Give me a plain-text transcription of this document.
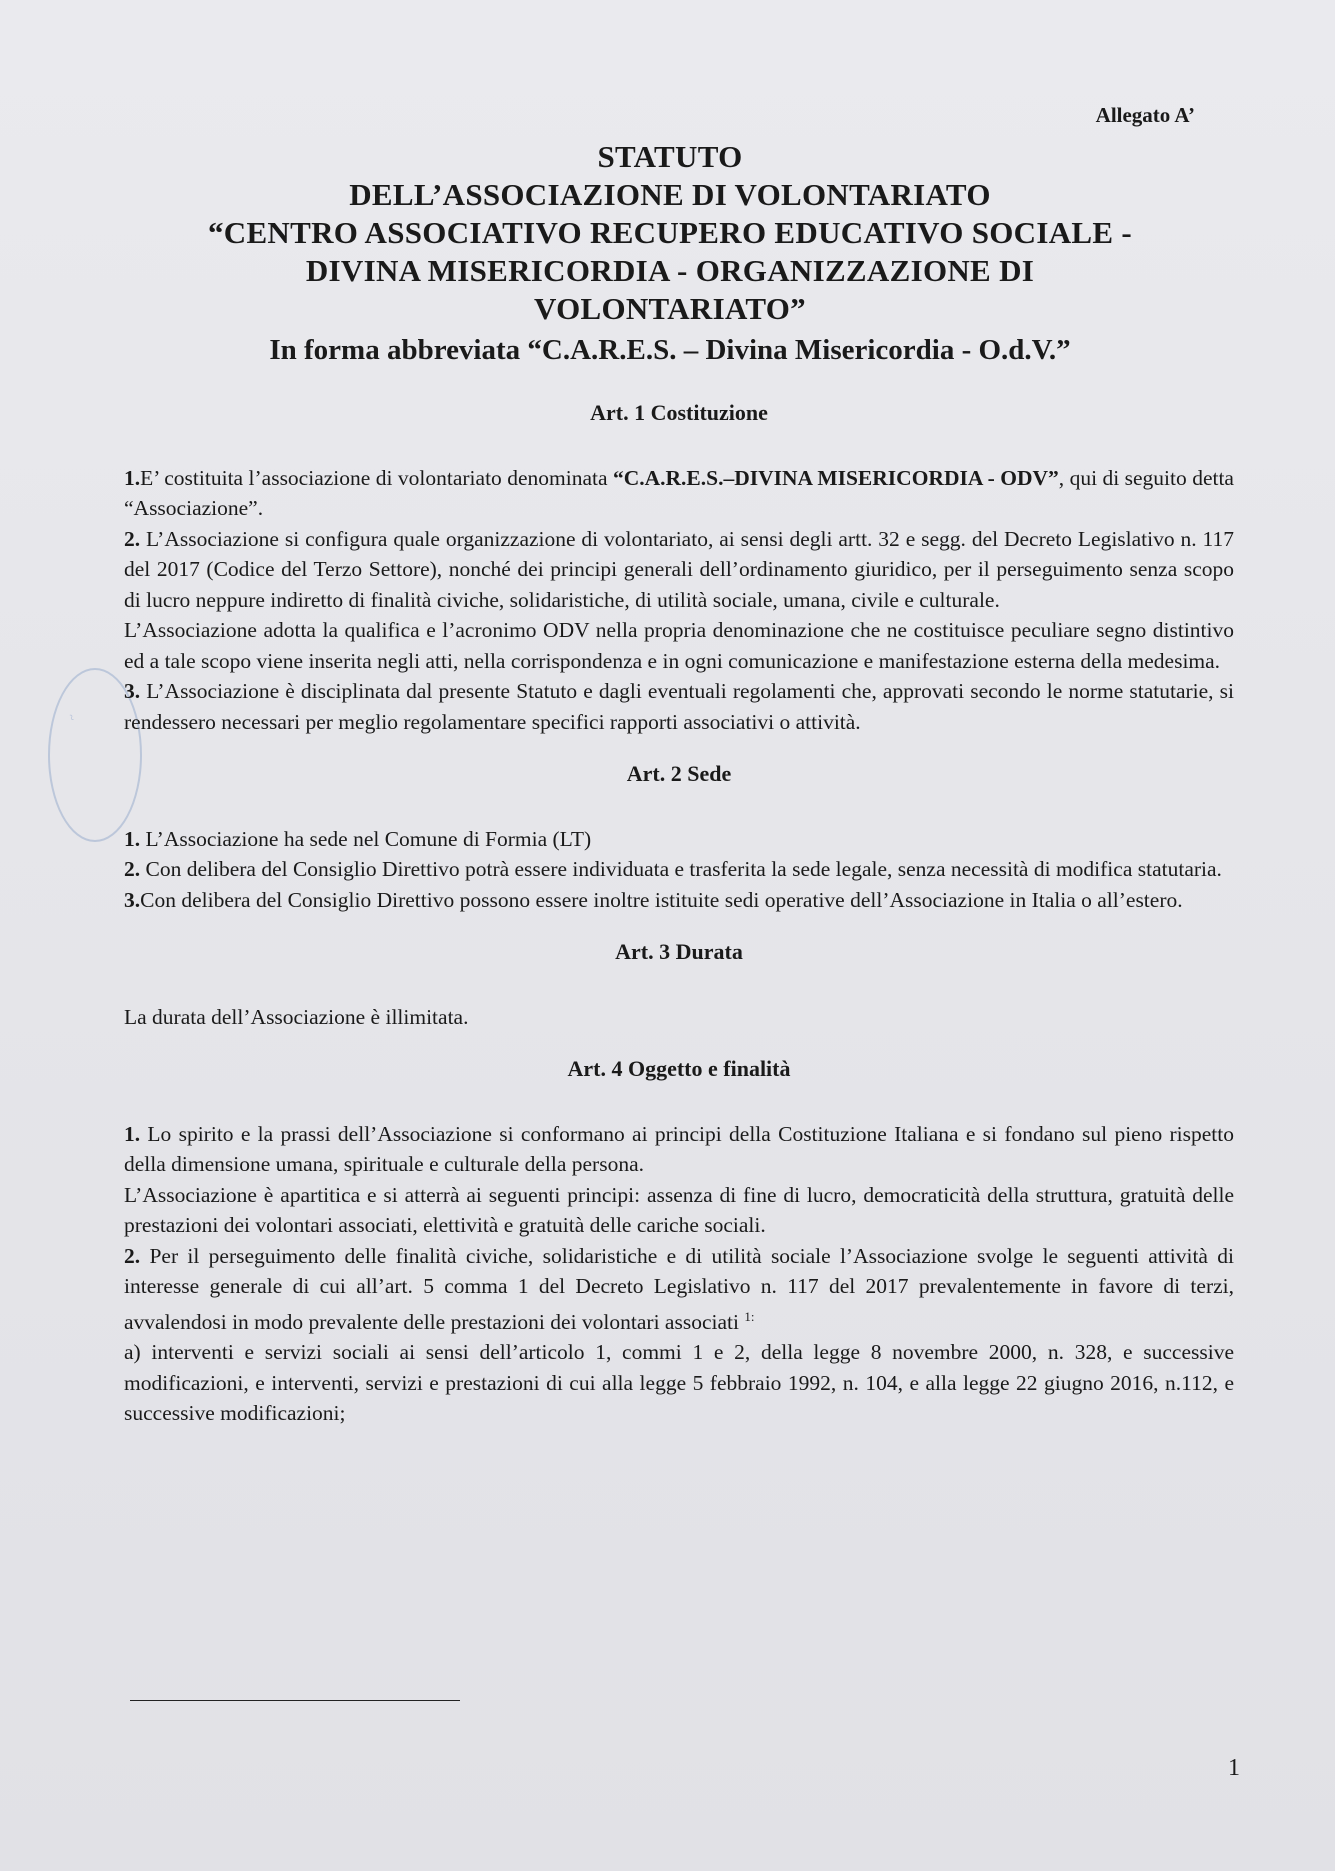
~
Allegato A’
STATUTO
DELL’ASSOCIAZIONE DI VOLONTARIATO
“CENTRO ASSOCIATIVO RECUPERO EDUCATIVO SOCIALE -
DIVINA MISERICORDIA - ORGANIZZAZIONE DI
VOLONTARIATO”
In forma abbreviata “C.A.R.E.S. – Divina Misericordia - O.d.V.”
Art. 1 Costituzione

1.E’ costituita l’associazione di volontariato denominata “C.A.R.E.S.–DIVINA MISERICORDIA - ODV”, qui di seguito detta “Associazione”.

2. L’Associazione si configura quale organizzazione di volontariato, ai sensi degli artt. 32 e segg. del Decreto Legislativo n. 117 del 2017 (Codice del Terzo Settore), nonché dei principi generali dell’ordinamento giuridico, per il perseguimento senza scopo di lucro neppure indiretto di finalità civiche, solidaristiche, di utilità sociale, umana, civile e culturale.

L’Associazione adotta la qualifica e l’acronimo ODV nella propria denominazione che ne costituisce peculiare segno distintivo ed a tale scopo viene inserita negli atti, nella corrispondenza e in ogni comunicazione e manifestazione esterna della medesima.

3. L’Associazione è disciplinata dal presente Statuto e dagli eventuali regolamenti che, approvati secondo le norme statutarie, si rendessero necessari per meglio regolamentare specifici rapporti associativi o attività.

Art. 2 Sede

1. L’Associazione ha sede nel Comune di Formia (LT)

2. Con delibera del Consiglio Direttivo potrà essere individuata e trasferita la sede legale, senza necessità di modifica statutaria.

3.Con delibera del Consiglio Direttivo possono essere inoltre istituite sedi operative dell’Associazione in Italia o all’estero.

Art. 3 Durata

La durata dell’Associazione è illimitata.

Art. 4 Oggetto e finalità

1. Lo spirito e la prassi dell’Associazione si conformano ai principi della Costituzione Italiana e si fondano sul pieno rispetto della dimensione umana, spirituale e culturale della persona.

L’Associazione è apartitica e si atterrà ai seguenti principi: assenza di fine di lucro, democraticità della struttura, gratuità delle prestazioni dei volontari associati, elettività e gratuità delle cariche sociali.

2. Per il perseguimento delle finalità civiche, solidaristiche e di utilità sociale l’Associazione svolge le seguenti attività di interesse generale di cui all’art. 5 comma 1 del Decreto Legislativo n. 117 del 2017 prevalentemente in favore di terzi, avvalendosi in modo prevalente delle prestazioni dei volontari associati $^{1:}$

a) interventi e servizi sociali ai sensi dell’articolo 1, commi 1 e 2, della legge 8 novembre 2000, n. 328, e successive modificazioni, e interventi, servizi e prestazioni di cui alla legge 5 febbraio 1992, n. 104, e alla legge 22 giugno 2016, n.112, e successive modificazioni;

1
